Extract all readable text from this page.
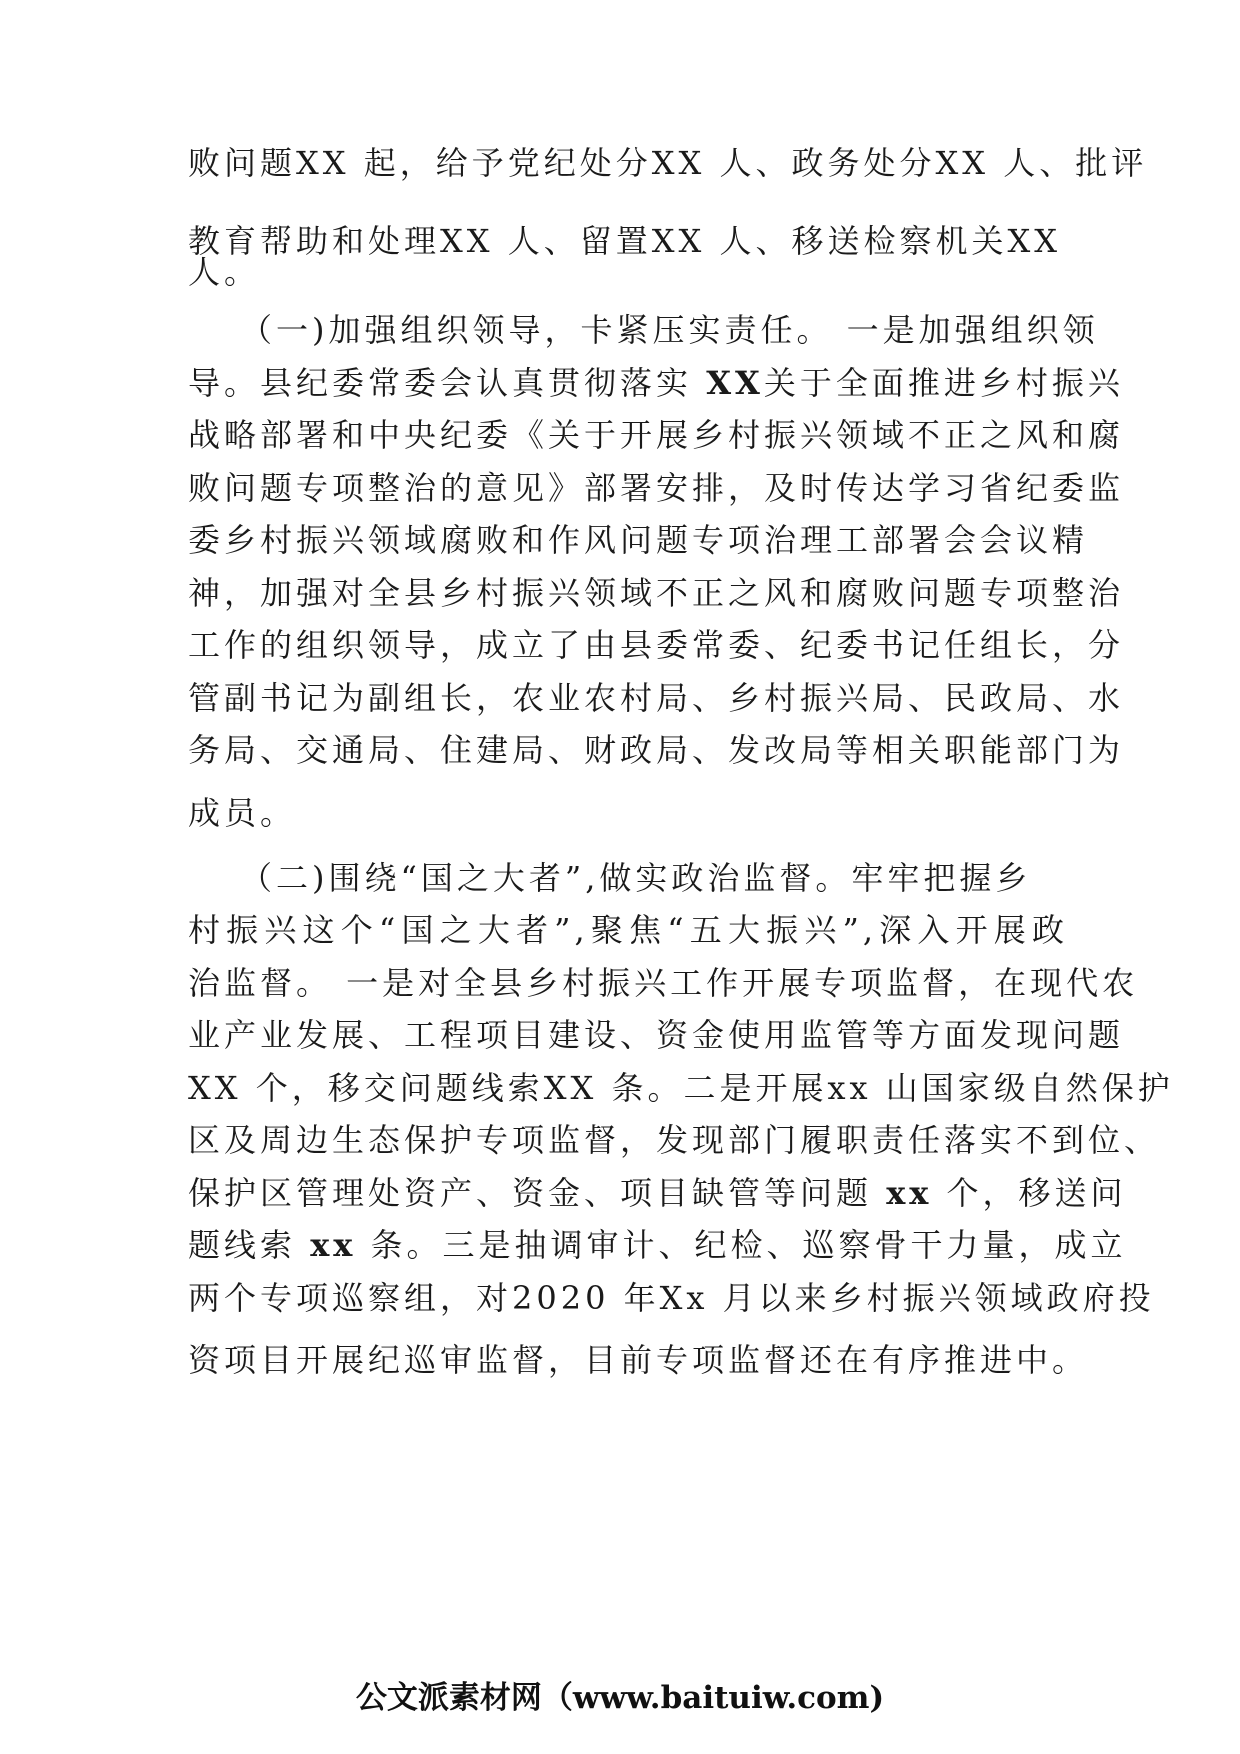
败问题XX 起，给予党纪处分XX 人、政务处分XX 人、批评
教育帮助和处理XX 人、留置XX 人、移送检察机关XX
人。
（一)加强组织领导，卡紧压实责任。 一是加强组织领
导。县纪委常委会认真贯彻落实 XX关于全面推进乡村振兴
战略部署和中央纪委《关于开展乡村振兴领域不正之风和腐
败问题专项整治的意见》部署安排，及时传达学习省纪委监
委乡村振兴领域腐败和作风问题专项治理工部署会会议精
神，加强对全县乡村振兴领域不正之风和腐败问题专项整治
工作的组织领导，成立了由县委常委、纪委书记任组长，分
管副书记为副组长，农业农村局、乡村振兴局、民政局、水
务局、交通局、住建局、财政局、发改局等相关职能部门为
成员。
（二)围绕“国之大者”,做实政治监督。牢牢把握乡
村振兴这个“国之大者”,聚焦“五大振兴”,深入开展政
治监督。 一是对全县乡村振兴工作开展专项监督，在现代农
业产业发展、工程项目建设、资金使用监管等方面发现问题
XX 个，移交问题线索XX 条。二是开展xx 山国家级自然保护
区及周边生态保护专项监督，发现部门履职责任落实不到位、
保护区管理处资产、资金、项目缺管等问题 xx 个，移送问
题线索 xx 条。三是抽调审计、纪检、巡察骨干力量，成立
两个专项巡察组，对2020 年Xx 月以来乡村振兴领域政府投
资项目开展纪巡审监督，目前专项监督还在有序推进中。
公文派素材网（www.baituiw.com)
